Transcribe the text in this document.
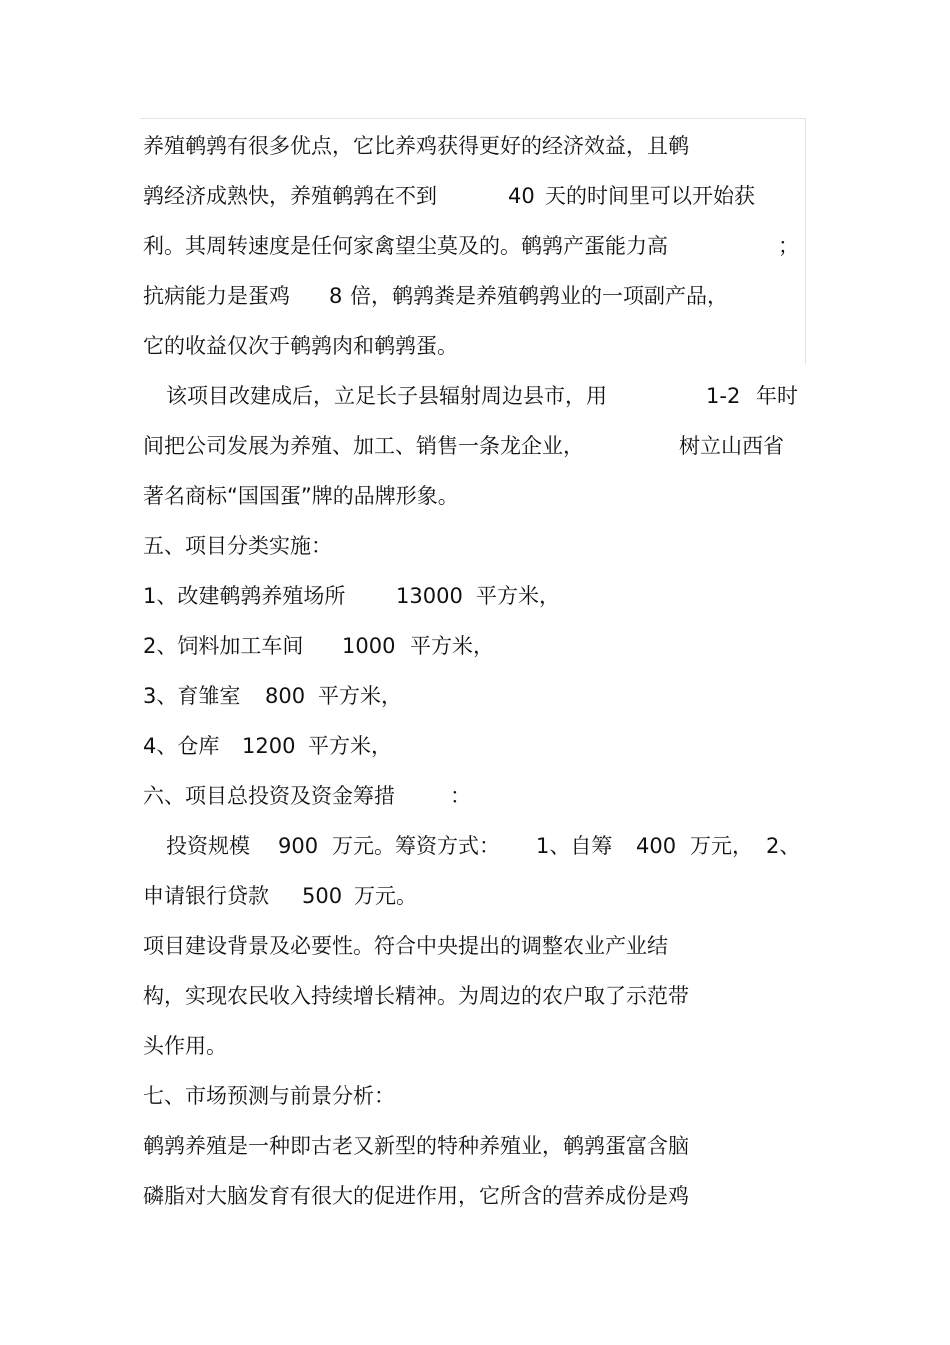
养殖鹌鹑有很多优点，它比养鸡获得更好的经济效益，且鹌
鹑经济成熟快，养殖鹌鹑在不到	40 天的时间里可以开始获
利。其周转速度是任何家禽望尘莫及的。鹌鹑产蛋能力高	；
抗病能力是蛋鸡 8 倍，鹌鹑粪是养殖鹌鹑业的一项副产品，
它的收益仅次于鹌鹑肉和鹌鹑蛋。
该项目改建成后，立足长子县辐射周边县市，用	1-2 年时
间把公司发展为养殖、加工、销售一条龙企业，	树立山西省
著名商标“国国蛋”牌的品牌形象。
五、项目分类实施：
1、改建鹌鹑养殖场所 13000 平方米，
2、饲料加工车间 1000 平方米，
3、育雏室 800 平方米，
4、仓库 1200 平方米，
六、项目总投资及资金筹措	：
投资规模 900 万元。筹资方式： 1、自筹 400 万元， 2、
申请银行贷款 500 万元。
项目建设背景及必要性。符合中央提出的调整农业产业结
构，实现农民收入持续增长精神。为周边的农户取了示范带
头作用。
七、市场预测与前景分析：
鹌鹑养殖是一种即古老又新型的特种养殖业，鹌鹑蛋富含脑
磷脂对大脑发育有很大的促进作用，它所含的营养成份是鸡
